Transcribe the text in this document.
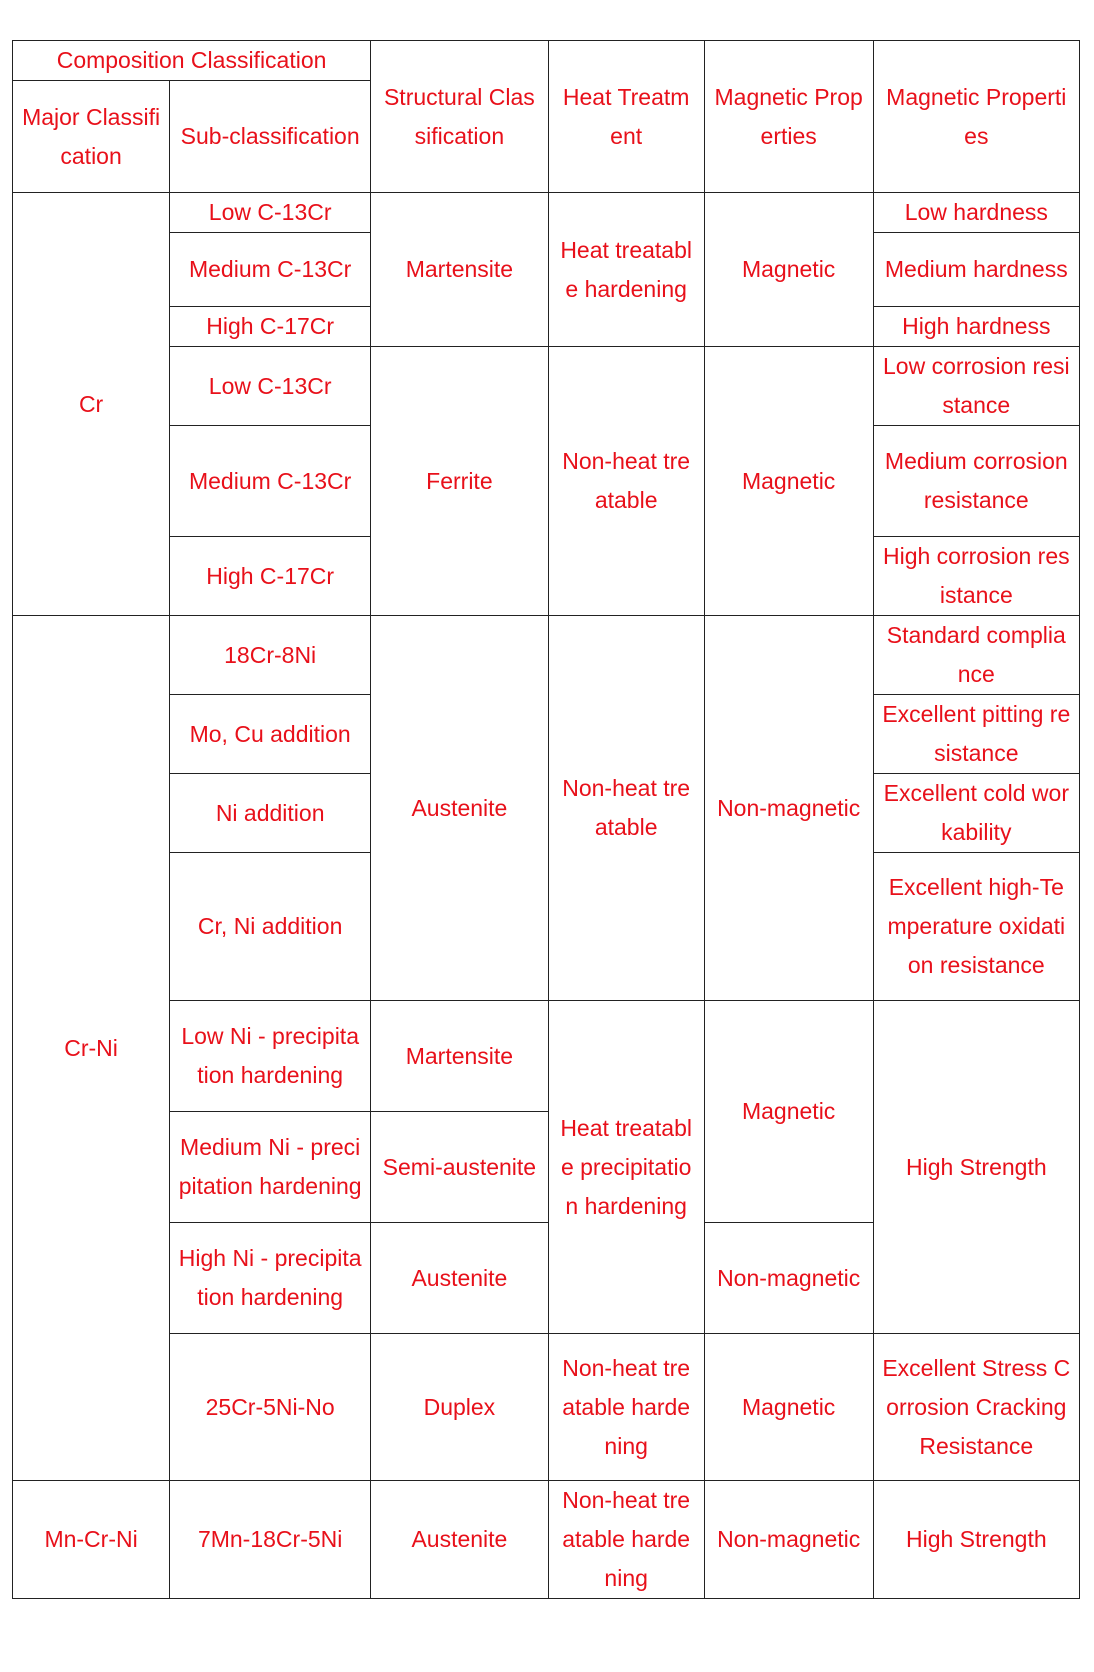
Composition Classification		Structural Classification	Heat Treatment	Magnetic Properties	Magnetic Properties
Major Classification	Sub-classification				
Cr	Low C-13Cr	Martensite	Heat treatable hardening	Magnetic	Low hardness
	Medium C-13Cr				Medium hardness
	High C-17Cr				High hardness
	Low C-13Cr	Ferrite	Non-heat treatable	Magnetic	Low corrosion resistance
	Medium C-13Cr				Medium corrosion resistance
	High C-17Cr				High corrosion resistance
Cr-Ni	18Cr-8Ni	Austenite	Non-heat treatable	Non-magnetic	Standard compliance
	Mo, Cu addition				Excellent pitting resistance
	Ni addition				Excellent cold workability
	Cr, Ni addition				Excellent high-Temperature oxidation resistance
	Low Ni - precipitation hardening	Martensite	Heat treatable precipitation hardening	Magnetic	High Strength
	Medium Ni - precipitation hardening	Semi-austenite			
	High Ni - precipitation hardening	Austenite		Non-magnetic	
	25Cr-5Ni-No	Duplex	Non-heat treatable hardening	Magnetic	Excellent Stress Corrosion Cracking Resistance
Mn-Cr-Ni	7Mn-18Cr-5Ni	Austenite	Non-heat treatable hardening	Non-magnetic	High Strength
